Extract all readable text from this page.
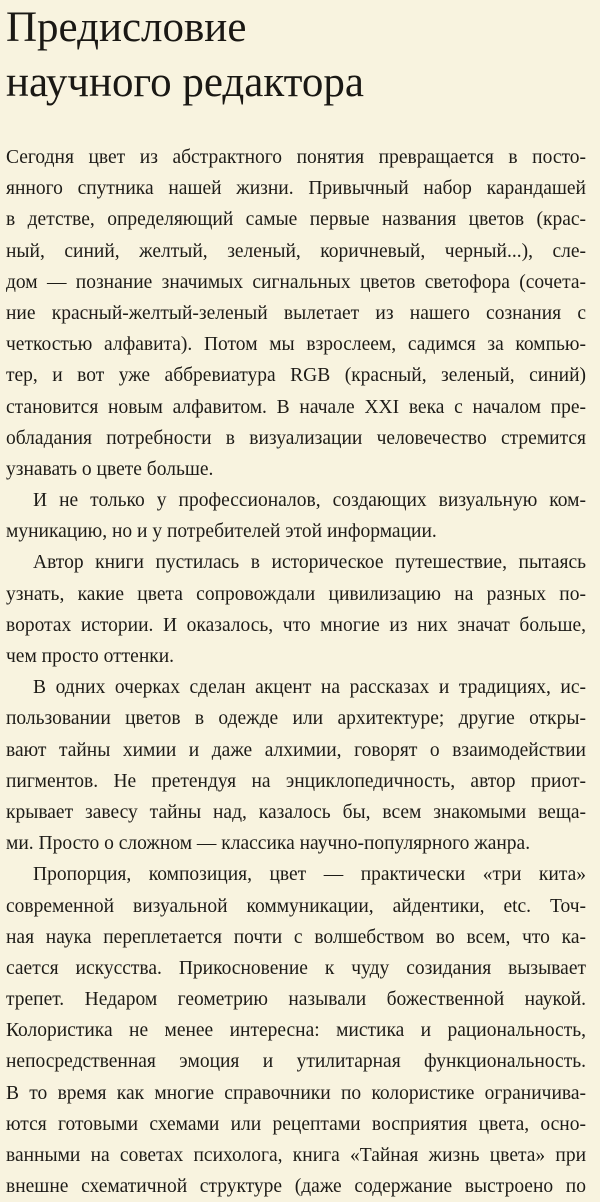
Предисловие
научного редактора
Сегодня цвет из абстрактного понятия превращается в посто-
янного спутника нашей жизни. Привычный набор карандашей
в детстве, определяющий самые первые названия цветов (крас-
ный, синий, желтый, зеленый, коричневый, черный...), сле-
дом — познание значимых сигнальных цветов светофора (сочета-
ние красный-желтый-зеленый вылетает из нашего сознания с
четкостью алфавита). Потом мы взрослеем, садимся за компью-
тер, и вот уже аббревиатура RGB (красный, зеленый, синий)
становится новым алфавитом. В начале XXI века с началом пре-
обладания потребности в визуализации человечество стремится
узнавать о цвете больше.
И не только у профессионалов, создающих визуальную ком-
муникацию, но и у потребителей этой информации.
Автор книги пустилась в историческое путешествие, пытаясь
узнать, какие цвета сопровождали цивилизацию на разных по-
воротах истории. И оказалось, что многие из них значат больше,
чем просто оттенки.
В одних очерках сделан акцент на рассказах и традициях, ис-
пользовании цветов в одежде или архитектуре; другие откры-
вают тайны химии и даже алхимии, говорят о взаимодействии
пигментов. Не претендуя на энциклопедичность, автор приот-
крывает завесу тайны над, казалось бы, всем знакомыми веща-
ми. Просто о сложном — классика научно-популярного жанра.
Пропорция, композиция, цвет — практически «три кита»
современной визуальной коммуникации, айдентики, etc. Точ-
ная наука переплетается почти с волшебством во всем, что ка-
сается искусства. Прикосновение к чуду созидания вызывает
трепет. Недаром геометрию называли божественной наукой.
Колористика не менее интересна: мистика и рациональность,
непосредственная эмоция и утилитарная функциональность.
В то время как многие справочники по колористике ограничива-
ются готовыми схемами или рецептами восприятия цвета, осно-
ванными на советах психолога, книга «Тайная жизнь цвета» при
внешне схематичной структуре (даже содержание выстроено по
